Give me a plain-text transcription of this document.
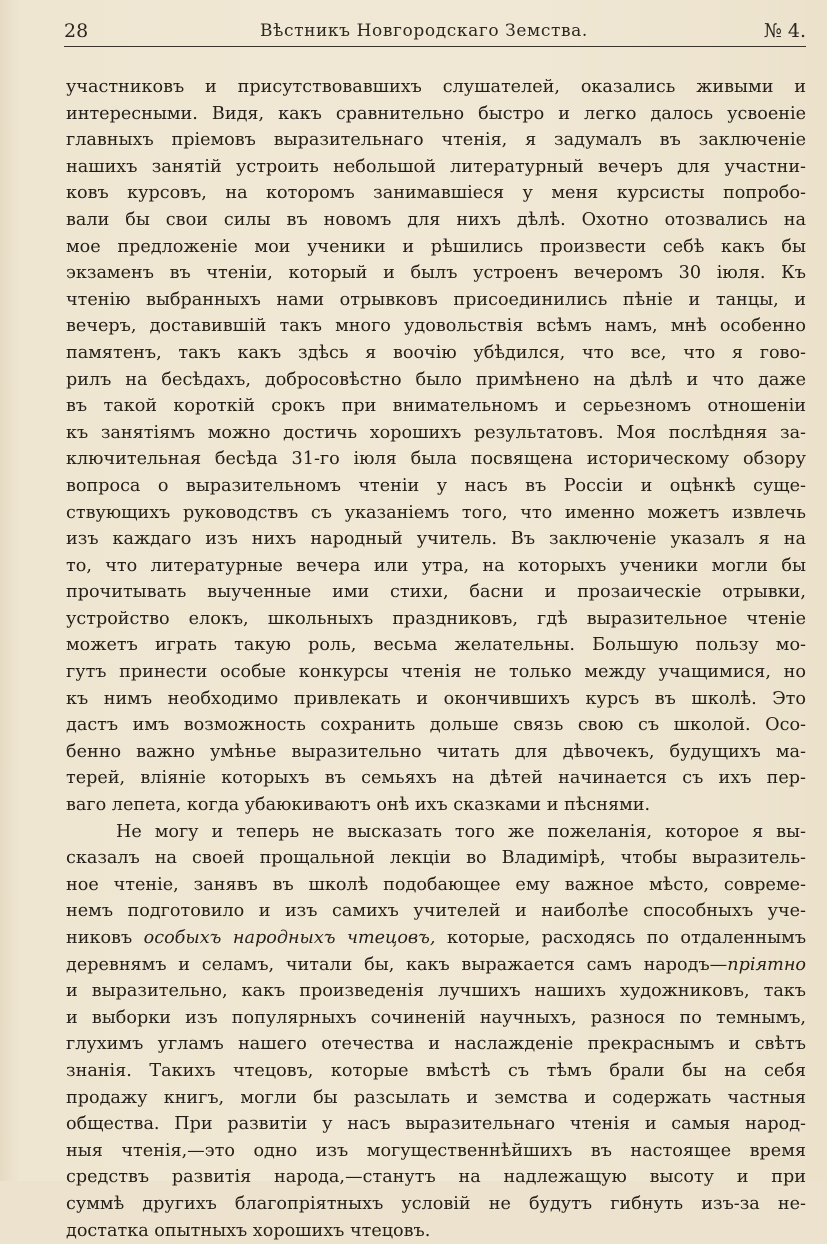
28	Вѣстникъ Новгородскаго Земства.	№ 4.
участниковъ и присутствовавшихъ слушателей, оказались живыми и
интересными. Видя, какъ сравнительно быстро и легко далось усвоеніе
главныхъ пріемовъ выразительнаго чтенія, я задумалъ въ заключеніе
нашихъ занятій устроить небольшой литературный вечеръ для участни-
ковъ курсовъ, на которомъ занимавшіеся у меня курсисты попробо-
вали бы свои силы въ новомъ для нихъ дѣлѣ. Охотно отозвались на
мое предложеніе мои ученики и рѣшились произвести себѣ какъ бы
экзаменъ въ чтеніи, который и былъ устроенъ вечеромъ 30 іюля. Къ
чтенію выбранныхъ нами отрывковъ присоединились пѣніе и танцы, и
вечеръ, доставившій такъ много удовольствія всѣмъ намъ, мнѣ особенно
памятенъ, такъ какъ здѣсь я воочію убѣдился, что все, что я гово-
рилъ на бесѣдахъ, добросовѣстно было примѣнено на дѣлѣ и что даже
въ такой короткій срокъ при внимательномъ и серьезномъ отношеніи
къ занятіямъ можно достичь хорошихъ результатовъ. Моя послѣдняя за-
ключительная бесѣда 31-го іюля была посвящена историческому обзору
вопроса о выразительномъ чтеніи у насъ въ Россіи и оцѣнкѣ суще-
ствующихъ руководствъ съ указаніемъ того, что именно можетъ извлечь
изъ каждаго изъ нихъ народный учитель. Въ заключеніе указалъ я на
то, что литературные вечера или утра, на которыхъ ученики могли бы
прочитывать выученные ими стихи, басни и прозаическіе отрывки,
устройство елокъ, школьныхъ праздниковъ, гдѣ выразительное чтеніе
можетъ играть такую роль, весьма желательны. Большую пользу мо-
гутъ принести особые конкурсы чтенія не только между учащимися, но
къ нимъ необходимо привлекать и окончившихъ курсъ въ школѣ. Это
дастъ имъ возможность сохранить дольше связь свою съ школой. Осо-
бенно важно умѣнье выразительно читать для дѣвочекъ, будущихъ ма-
терей, вліяніе которыхъ въ семьяхъ на дѣтей начинается съ ихъ пер-
ваго лепета, когда убаюкиваютъ онѣ ихъ сказками и пѣснями.
Не могу и теперь не высказать того же пожеланія, которое я вы-
сказалъ на своей прощальной лекціи во Владимірѣ, чтобы выразитель-
ное чтеніе, занявъ въ школѣ подобающее ему важное мѣсто, совреме-
немъ подготовило и изъ самихъ учителей и наиболѣе способныхъ уче-
никовъ особыхъ народныхъ чтецовъ, которые, расходясь по отдаленнымъ
деревнямъ и селамъ, читали бы, какъ выражается самъ народъ—пріятно
и выразительно, какъ произведенія лучшихъ нашихъ художниковъ, такъ
и выборки изъ популярныхъ сочиненій научныхъ, разнося по темнымъ,
глухимъ угламъ нашего отечества и наслажденіе прекраснымъ и свѣтъ
знанія. Такихъ чтецовъ, которые вмѣстѣ съ тѣмъ брали бы на себя
продажу книгъ, могли бы разсылать и земства и содержать частныя
общества. При развитіи у насъ выразительнаго чтенія и самыя народ-
ныя чтенія,—это одно изъ могущественнѣйшихъ въ настоящее время
средствъ развитія народа,—станутъ на надлежащую высоту и при
суммѣ другихъ благопріятныхъ условій не будутъ гибнуть изъ-за не-
достатка опытныхъ хорошихъ чтецовъ.
